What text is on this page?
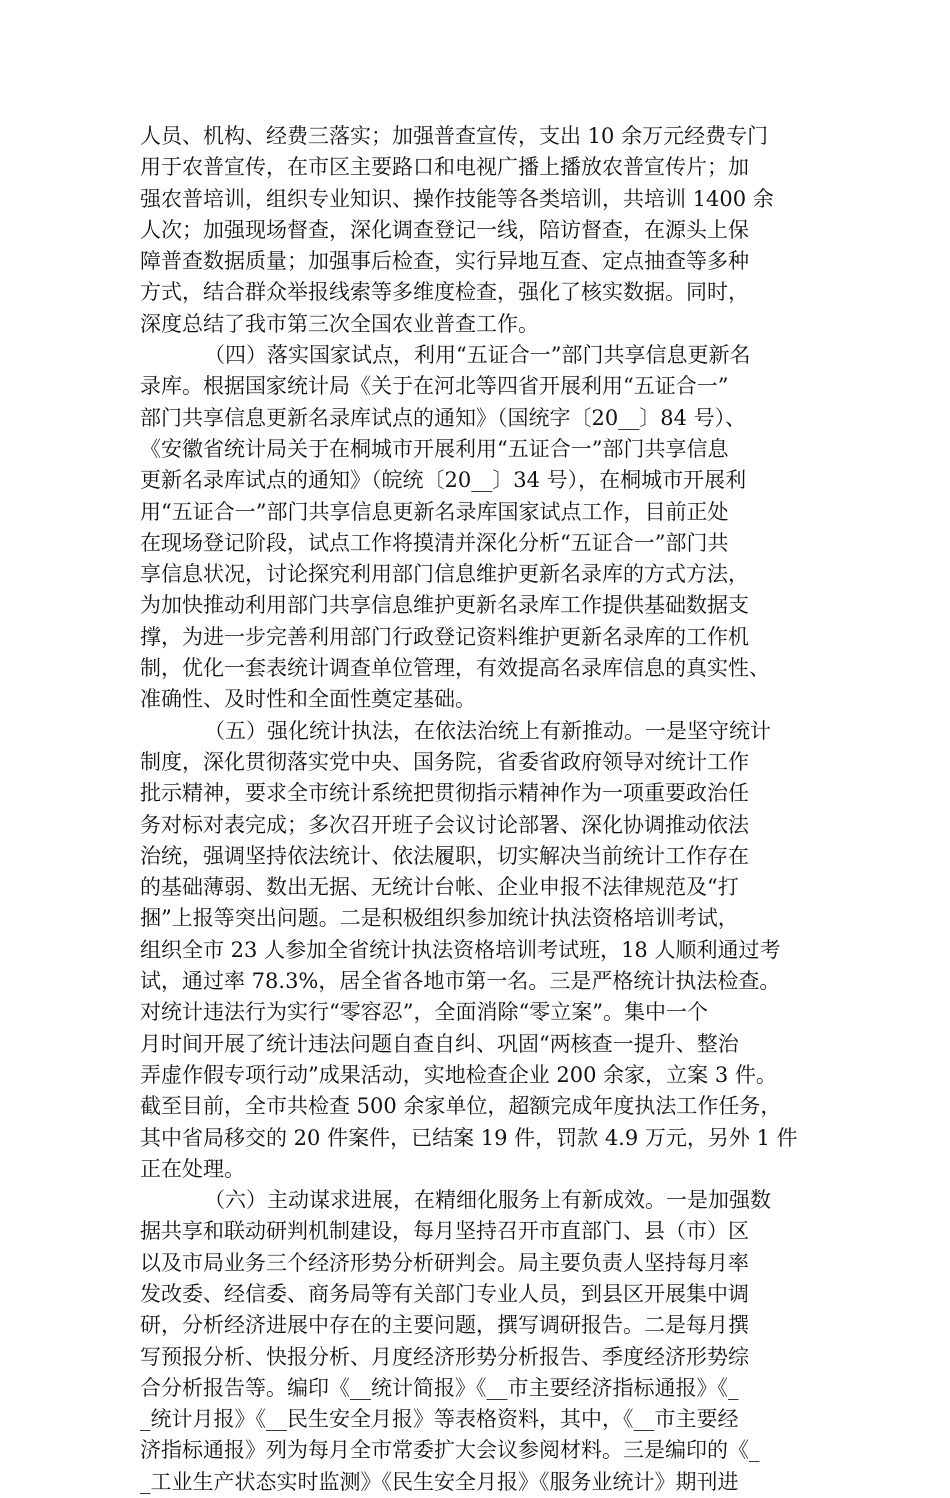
人员、机构、经费三落实；加强普查宣传，支出 10 余万元经费专门
用于农普宣传，在市区主要路口和电视广播上播放农普宣传片；加
强农普培训，组织专业知识、操作技能等各类培训，共培训 1400 余
人次；加强现场督查，深化调查登记一线，陪访督查，在源头上保
障普查数据质量；加强事后检查，实行异地互查、定点抽查等多种
方式，结合群众举报线索等多维度检查，强化了核实数据。同时，
深度总结了我市第三次全国农业普查工作。
（四）落实国家试点，利用“五证合一”部门共享信息更新名
录库。根据国家统计局《关于在河北等四省开展利用“五证合一”
部门共享信息更新名录库试点的通知》（国统字〔20__〕84 号）、
《安徽省统计局关于在桐城市开展利用“五证合一”部门共享信息
更新名录库试点的通知》（皖统〔20__〕34 号），在桐城市开展利
用“五证合一”部门共享信息更新名录库国家试点工作，目前正处
在现场登记阶段，试点工作将摸清并深化分析“五证合一”部门共
享信息状况，讨论探究利用部门信息维护更新名录库的方式方法，
为加快推动利用部门共享信息维护更新名录库工作提供基础数据支
撑，为进一步完善利用部门行政登记资料维护更新名录库的工作机
制，优化一套表统计调查单位管理，有效提高名录库信息的真实性、
准确性、及时性和全面性奠定基础。
（五）强化统计执法，在依法治统上有新推动。一是坚守统计
制度，深化贯彻落实党中央、国务院，省委省政府领导对统计工作
批示精神，要求全市统计系统把贯彻指示精神作为一项重要政治任
务对标对表完成；多次召开班子会议讨论部署、深化协调推动依法
治统，强调坚持依法统计、依法履职，切实解决当前统计工作存在
的基础薄弱、数出无据、无统计台帐、企业申报不法律规范及“打
捆”上报等突出问题。二是积极组织参加统计执法资格培训考试，
组织全市 23 人参加全省统计执法资格培训考试班，18 人顺利通过考
试，通过率 78.3%，居全省各地市第一名。三是严格统计执法检查。
对统计违法行为实行“零容忍”，全面消除“零立案”。集中一个
月时间开展了统计违法问题自查自纠、巩固“两核查一提升、整治
弄虚作假专项行动”成果活动，实地检查企业 200 余家，立案 3 件。
截至目前，全市共检查 500 余家单位，超额完成年度执法工作任务，
其中省局移交的 20 件案件，已结案 19 件，罚款 4.9 万元，另外 1 件
正在处理。
（六）主动谋求进展，在精细化服务上有新成效。一是加强数
据共享和联动研判机制建设，每月坚持召开市直部门、县（市）区
以及市局业务三个经济形势分析研判会。局主要负责人坚持每月率
发改委、经信委、商务局等有关部门专业人员，到县区开展集中调
研，分析经济进展中存在的主要问题，撰写调研报告。二是每月撰
写预报分析、快报分析、月度经济形势分析报告、季度经济形势综
合分析报告等。编印《__统计简报》《__市主要经济指标通报》《_
_统计月报》《__民生安全月报》等表格资料，其中，《__市主要经
济指标通报》列为每月全市常委扩大会议参阅材料。三是编印的《_
_工业生产状态实时监测》《民生安全月报》《服务业统计》期刊进
